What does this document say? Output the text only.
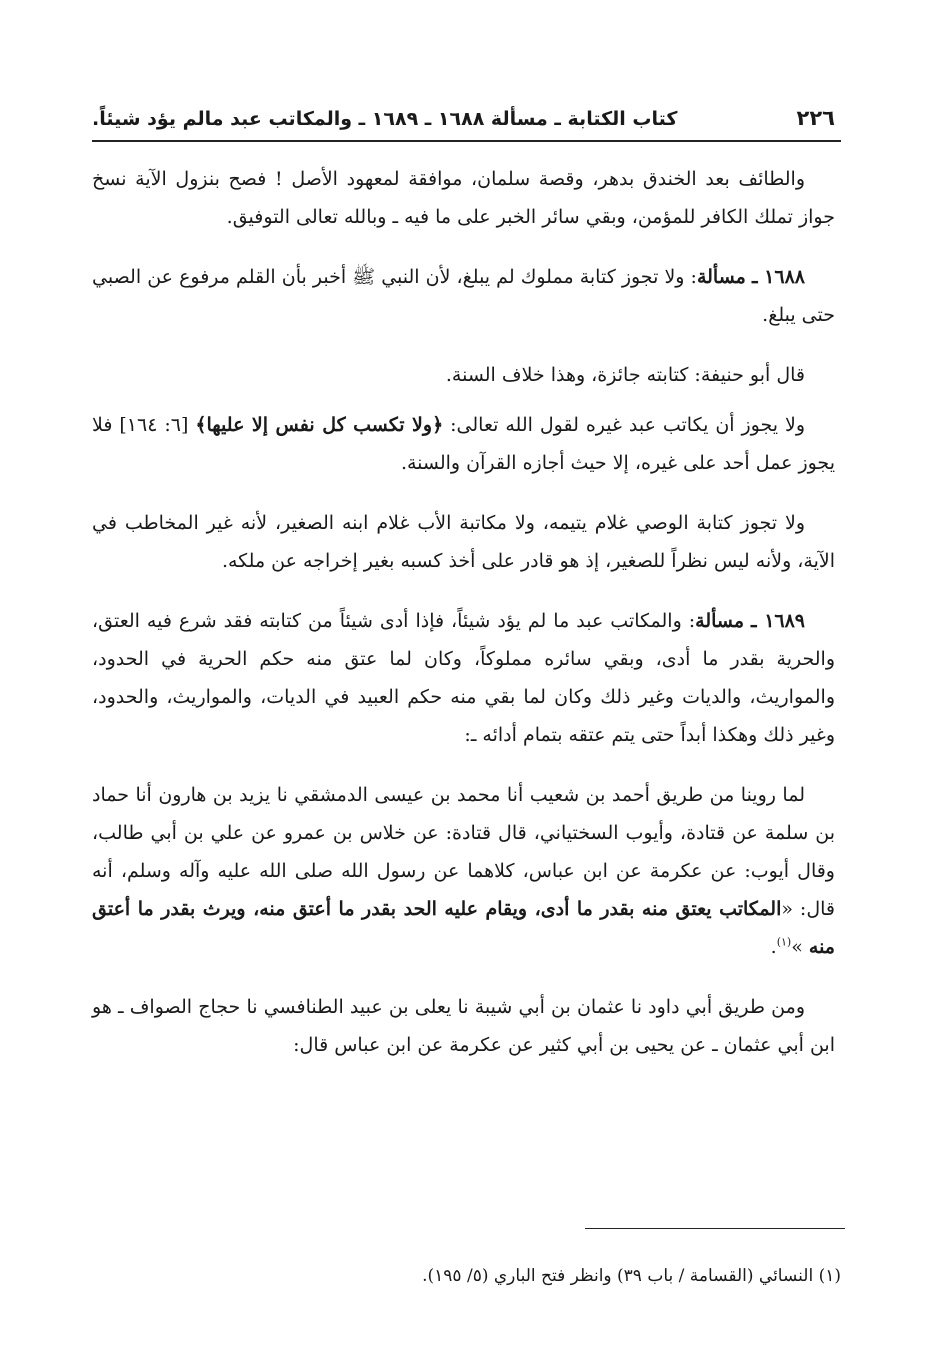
٢٢٦
كتاب الكتابة ـ مسألة ١٦٨٨ ـ ١٦٨٩ ـ والمكاتب عبد مالم يؤد شيئاً.

والطائف بعد الخندق بدهر، وقصة سلمان، موافقة لمعهود الأصل ! فصح بنزول الآية نسخ جواز تملك الكافر للمؤمن، وبقي سائر الخبر على ما فيه ـ وبالله تعالى التوفيق.

١٦٨٨ ـ مسألة: ولا تجوز كتابة مملوك لم يبلغ، لأن النبي ﷺ أخبر بأن القلم مرفوع عن الصبي حتى يبلغ.

قال أبو حنيفة: كتابته جائزة، وهذا خلاف السنة.

ولا يجوز أن يكاتب عبد غيره لقول الله تعالى: ﴿ولا تكسب كل نفس إلا عليها﴾ [٦: ١٦٤] فلا يجوز عمل أحد على غيره، إلا حيث أجازه القرآن والسنة.

ولا تجوز كتابة الوصي غلام يتيمه، ولا مكاتبة الأب غلام ابنه الصغير، لأنه غير المخاطب في الآية، ولأنه ليس نظراً للصغير، إذ هو قادر على أخذ كسبه بغير إخراجه عن ملكه.

١٦٨٩ ـ مسألة: والمكاتب عبد ما لم يؤد شيئاً، فإذا أدى شيئاً من كتابته فقد شرع فيه العتق، والحرية بقدر ما أدى، وبقي سائره مملوكاً، وكان لما عتق منه حكم الحرية في الحدود، والمواريث، والديات وغير ذلك وكان لما بقي منه حكم العبيد في الديات، والمواريث، والحدود، وغير ذلك وهكذا أبداً حتى يتم عتقه بتمام أدائه ـ:

لما روينا من طريق أحمد بن شعيب أنا محمد بن عيسى الدمشقي نا يزيد بن هارون أنا حماد بن سلمة عن قتادة، وأيوب السختياني، قال قتادة: عن خلاس بن عمرو عن علي بن أبي طالب، وقال أيوب: عن عكرمة عن ابن عباس، كلاهما عن رسول الله صلى الله عليه وآله وسلم، أنه قال: «المكاتب يعتق منه بقدر ما أدى، ويقام عليه الحد بقدر ما أعتق منه، ويرث بقدر ما أعتق منه »$^{(١)}$.

ومن طريق أبي داود نا عثمان بن أبي شيبة نا يعلى بن عبيد الطنافسي نا حجاج الصواف ـ هو ابن أبي عثمان ـ عن يحيى بن أبي كثير عن عكرمة عن ابن عباس قال:

(١) النسائي (القسامة / باب ٣٩) وانظر فتح الباري (٥/ ١٩٥).
